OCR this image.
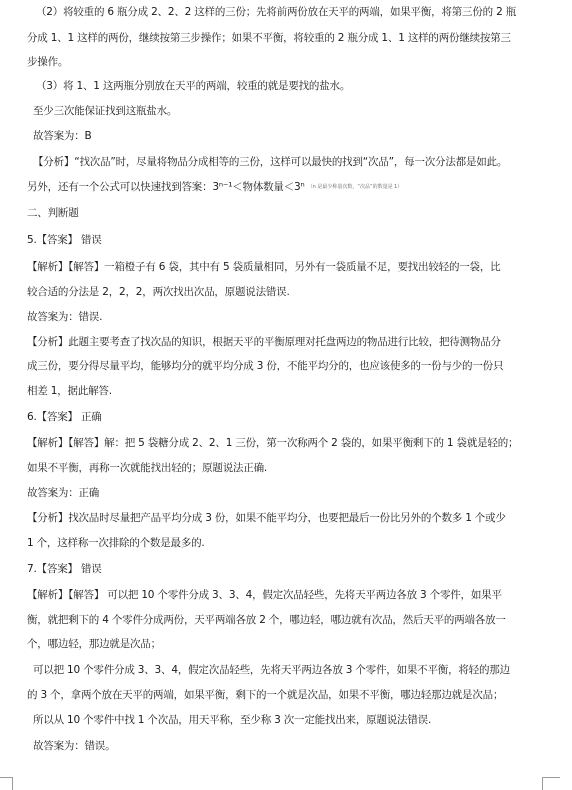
（2）将较重的 6 瓶分成 2、2、2 这样的三份；先将前两份放在天平的两端，如果平衡，将第三份的 2 瓶
分成 1、1 这样的两份，继续按第三步操作；如果不平衡，将较重的 2 瓶分成 1、1 这样的两份继续按第三
步操作。
（3）将 1、1 这两瓶分别放在天平的两端，较重的就是要找的盐水。
至少三次能保证找到这瓶盐水。
故答案为：B
【分析】“找次品”时，尽量将物品分成相等的三份，这样可以最快的找到“次品”，每一次分法都是如此。
另外，还有一个公式可以快速找到答案：3ⁿ⁻¹＜物体数量＜3ⁿ （n 是最少称量次数，“次品”的数量是 1）
二、判断题
5.【答案】 错误
【解析】【解答】一箱橙子有 6 袋，其中有 5 袋质量相同，另外有一袋质量不足，要找出较轻的一袋，比
较合适的分法是 2，2，2，两次找出次品，原题说法错误.
故答案为：错误.
【分析】此题主要考查了找次品的知识，根据天平的平衡原理对托盘两边的物品进行比较，把待测物品分
成三份，要分得尽量平均，能够均分的就平均分成 3 份，不能平均分的，也应该使多的一份与少的一份只
相差 1，据此解答.
6.【答案】 正确
【解析】【解答】解：把 5 袋糖分成 2、2、1 三份，第一次称两个 2 袋的，如果平衡剩下的 1 袋就是轻的；
如果不平衡，再称一次就能找出轻的；原题说法正确.
故答案为：正确
【分析】找次品时尽量把产品平均分成 3 份，如果不能平均分，也要把最后一份比另外的个数多 1 个或少
1 个，这样称一次排除的个数是最多的.
7.【答案】 错误
【解析】【解答】 可以把 10 个零件分成 3、3、4，假定次品轻些，先将天平两边各放 3 个零件，如果平
衡，就把剩下的 4 个零件分成两份，天平两端各放 2 个，哪边轻，哪边就有次品，然后天平的两端各放一
个，哪边轻，那边就是次品；
可以把 10 个零件分成 3、3、4，假定次品轻些，先将天平两边各放 3 个零件，如果不平衡，将轻的那边
的 3 个，拿两个放在天平的两端，如果平衡，剩下的一个就是次品，如果不平衡，哪边轻那边就是次品；
所以从 10 个零件中找 1 个次品，用天平称，至少称 3 次一定能找出来，原题说法错误.
故答案为：错误。
